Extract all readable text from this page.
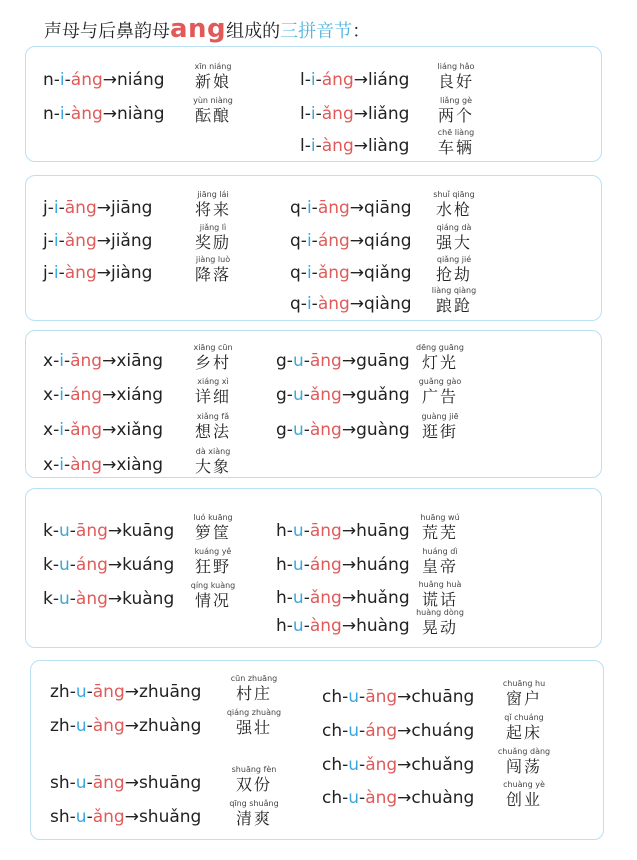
声母与后鼻韵母ang组成的三拼音节：
n-i-áng→niáng
xīn niáng
新娘
n-i-àng→niàng
yùn niàng
酝酿
l-i-áng→liáng
liáng hǎo
良好
l-i-ǎng→liǎng
liǎng gè
两个
l-i-àng→liàng
chē liàng
车辆
j-i-āng→jiāng
jiāng lái
将来
j-i-ǎng→jiǎng
jiǎng lì
奖励
j-i-àng→jiàng
jiàng luò
降落
q-i-āng→qiāng
shuǐ qiāng
水枪
q-i-áng→qiáng
qiáng dà
强大
q-i-ǎng→qiǎng
qiǎng jié
抢劫
q-i-àng→qiàng
liàng qiàng
踉跄
x-i-āng→xiāng
xiāng cūn
乡村
x-i-áng→xiáng
xiáng xì
详细
x-i-ǎng→xiǎng
xiǎng fǎ
想法
x-i-àng→xiàng
dà xiàng
大象
g-u-āng→guāng
dēng guāng
灯光
g-u-ǎng→guǎng
guǎng gào
广告
g-u-àng→guàng
guàng jiē
逛街
k-u-āng→kuāng
luó kuāng
箩筐
k-u-áng→kuáng
kuáng yě
狂野
k-u-àng→kuàng
qíng kuàng
情况
h-u-āng→huāng
huāng wú
荒芜
h-u-áng→huáng
huáng dì
皇帝
h-u-ǎng→huǎng
huǎng huà
谎话
h-u-àng→huàng
huàng dòng
晃动
zh-u-āng→zhuāng
cūn zhuāng
村庄
zh-u-àng→zhuàng
qiáng zhuàng
强壮
sh-u-āng→shuāng
shuāng fèn
双份
sh-u-ǎng→shuǎng
qīng shuǎng
清爽
ch-u-āng→chuāng
chuāng hu
窗户
ch-u-áng→chuáng
qǐ chuáng
起床
ch-u-ǎng→chuǎng
chuǎng dàng
闯荡
ch-u-àng→chuàng
chuàng yè
创业
